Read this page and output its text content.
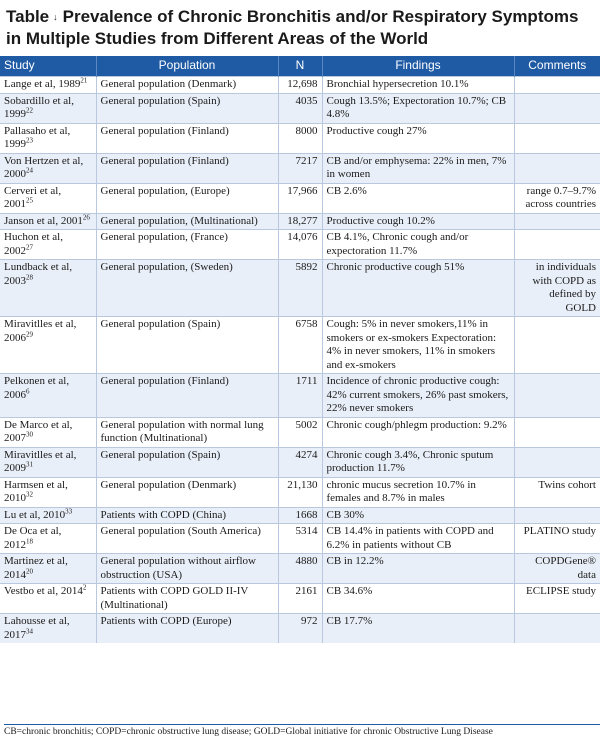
Table ↓ Prevalence of Chronic Bronchitis and/or Respiratory Symptoms in Multiple Studies from Different Areas of the World
Study	Population	N	Findings	Comments
Lange et al, 1989$^{21}$	General population (Denmark)	12,698	Bronchial hypersecretion 10.1%	
Sobardillo et al, 1999$^{22}$	General population (Spain)	4035	Cough 13.5%; Expectoration 10.7%; CB 4.8%	
Pallasaho et al, 1999$^{23}$	General population (Finland)	8000	Productive cough 27%	
Von Hertzen et al, 2000$^{24}$	General population (Finland)	7217	CB and/or emphysema: 22% in men, 7% in women	
Cerveri et al, 2001$^{25}$	General population, (Europe)	17,966	CB 2.6%	range 0.7–9.7% across countries
Janson et al, 2001$^{26}$	General population, (Multinational)	18,277	Productive cough 10.2%	
Huchon et al, 2002$^{27}$	General population, (France)	14,076	CB 4.1%, Chronic cough and/or expectoration 11.7%	
Lundback et al, 2003$^{28}$	General population, (Sweden)	5892	Chronic productive cough 51%	in individuals with COPD as defined by GOLD
Miravitlles et al, 2006$^{29}$	General population (Spain)	6758	Cough: 5% in never smokers,11% in smokers or ex-smokers Expectoration: 4% in never smokers, 11% in smokers and ex-smokers	
Pelkonen et al, 2006$^6$	General population (Finland)	1711	Incidence of chronic productive cough: 42% current smokers, 26% past smokers, 22% never smokers	
De Marco et al, 2007$^{30}$	General population with normal lung function (Multinational)	5002	Chronic cough/phlegm production: 9.2%	
Miravitlles et al, 2009$^{31}$	General population (Spain)	4274	Chronic cough 3.4%, Chronic sputum production 11.7%	
Harmsen et al, 2010$^{32}$	General population (Denmark)	21,130	chronic mucus secretion 10.7% in females and 8.7% in males	Twins cohort
Lu et al, 2010$^{33}$	Patients with COPD (China)	1668	CB 30%	
De Oca et al, 2012$^{18}$	General population (South America)	5314	CB 14.4% in patients with COPD and 6.2% in patients without CB	PLATINO study
Martinez et al, 2014$^{20}$	General population without airflow obstruction (USA)	4880	CB in 12.2%	COPDGene® data
Vestbo et al, 2014$^2$	Patients with COPD GOLD II-IV (Multinational)	2161	CB 34.6%	ECLIPSE study
Lahousse et al, 2017$^{34}$	Patients with COPD (Europe)	972	CB 17.7%	
CB=chronic bronchitis; COPD=chronic obstructive lung disease; GOLD=Global initiative for chronic Obstructive Lung Disease
